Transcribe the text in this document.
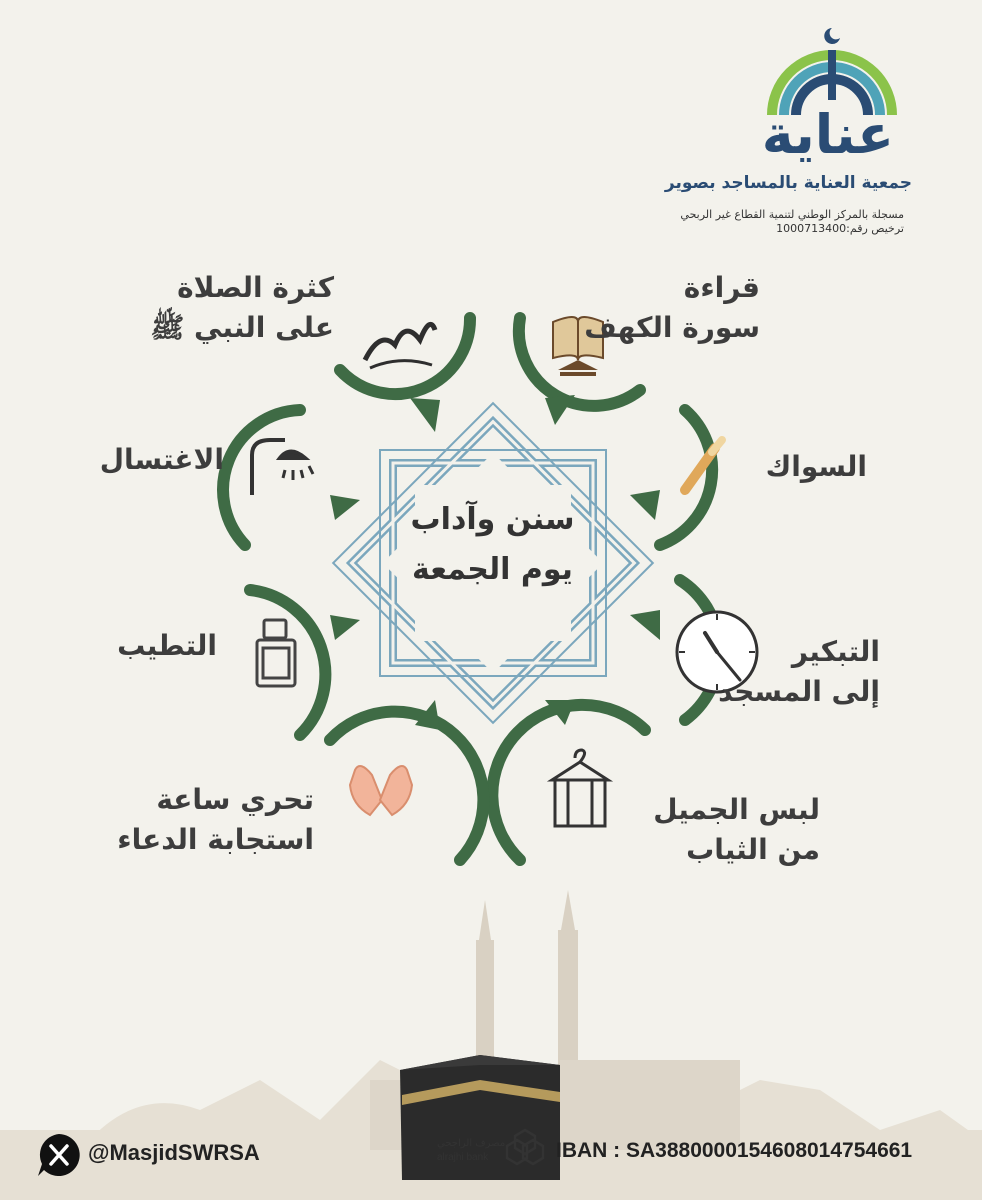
عناية
جمعية العناية بالمساجد بصوير
مسجلة بالمركز الوطني لتنمية القطاع غير الربحي
ترخيص رقم:1000713400
سنن وآداب
يوم الجمعة
قراءة
سورة الكهف
كثرة الصلاة
على النبي ﷺ
السواك
الاغتسال
التبكير
إلى المسجد
التطيب
لبس الجميل
من الثياب
تحري ساعة
استجابة الدعاء
@MasjidSWRSA	مصرف الراجحي
alrajhi bank	IBAN : SA3880000154608014754661
